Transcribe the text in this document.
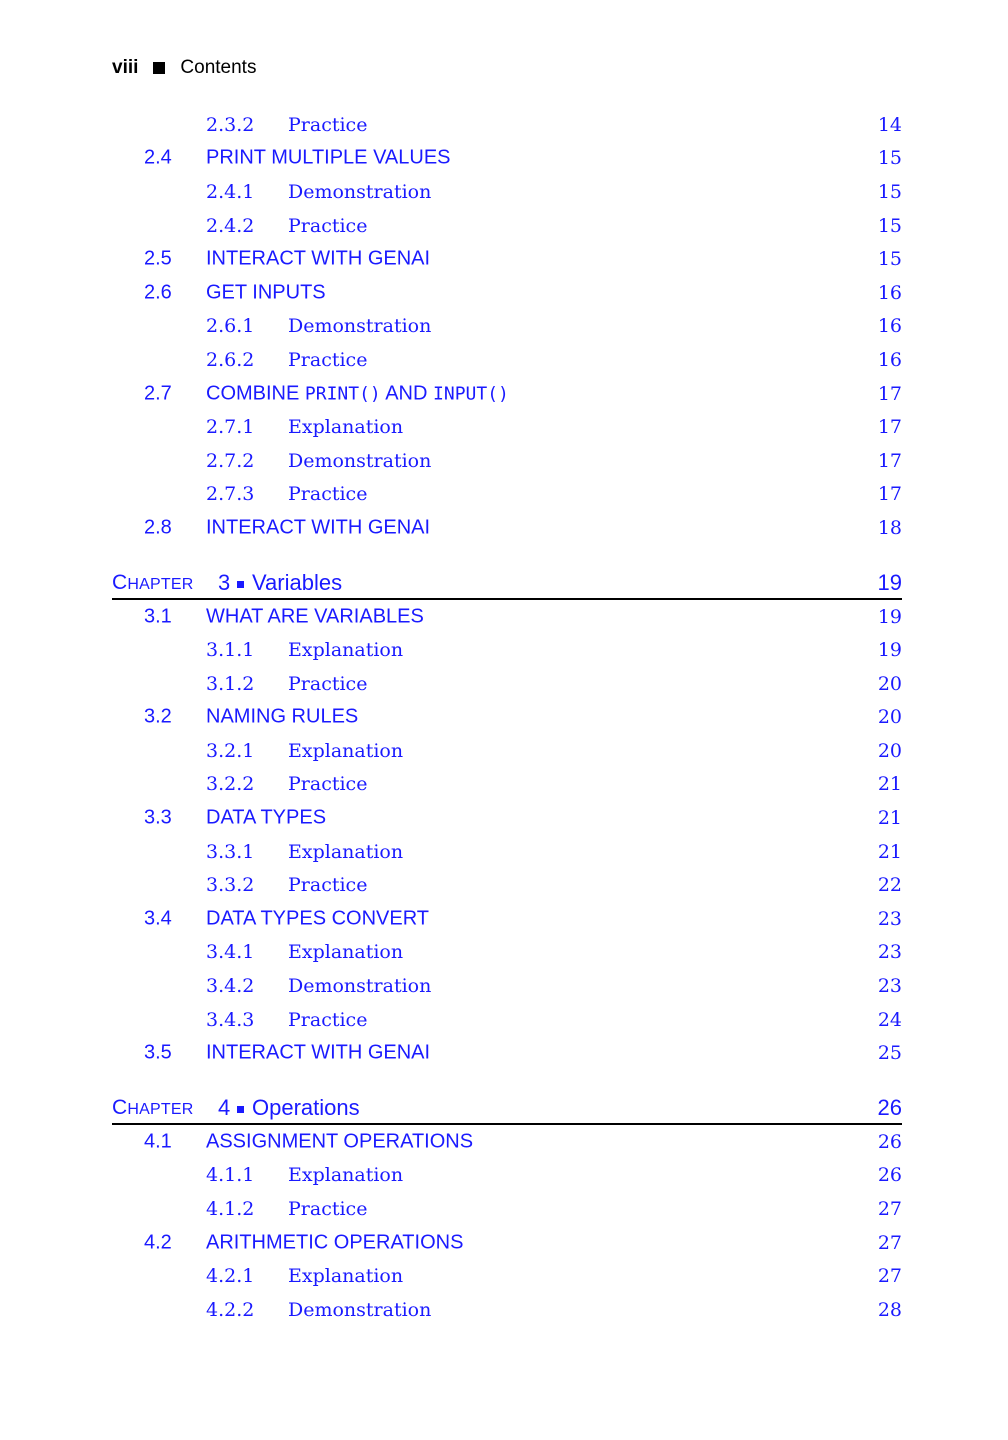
viii Contents
2.3.2 Practice	14
2.4 PRINT MULTIPLE VALUES	15
2.4.1 Demonstration	15
2.4.2 Practice	15
2.5 INTERACT WITH GENAI	15
2.6 GET INPUTS	16
2.6.1 Demonstration	16
2.6.2 Practice	16
2.7 COMBINE PRINT() AND INPUT()	17
2.7.1 Explanation	17
2.7.2 Demonstration	17
2.7.3 Practice	17
2.8 INTERACT WITH GENAI	18
CHAPTER 3 Variables	19
3.1 WHAT ARE VARIABLES	19
3.1.1 Explanation	19
3.1.2 Practice	20
3.2 NAMING RULES	20
3.2.1 Explanation	20
3.2.2 Practice	21
3.3 DATA TYPES	21
3.3.1 Explanation	21
3.3.2 Practice	22
3.4 DATA TYPES CONVERT	23
3.4.1 Explanation	23
3.4.2 Demonstration	23
3.4.3 Practice	24
3.5 INTERACT WITH GENAI	25
CHAPTER 4 Operations	26
4.1 ASSIGNMENT OPERATIONS	26
4.1.1 Explanation	26
4.1.2 Practice	27
4.2 ARITHMETIC OPERATIONS	27
4.2.1 Explanation	27
4.2.2 Demonstration	28
